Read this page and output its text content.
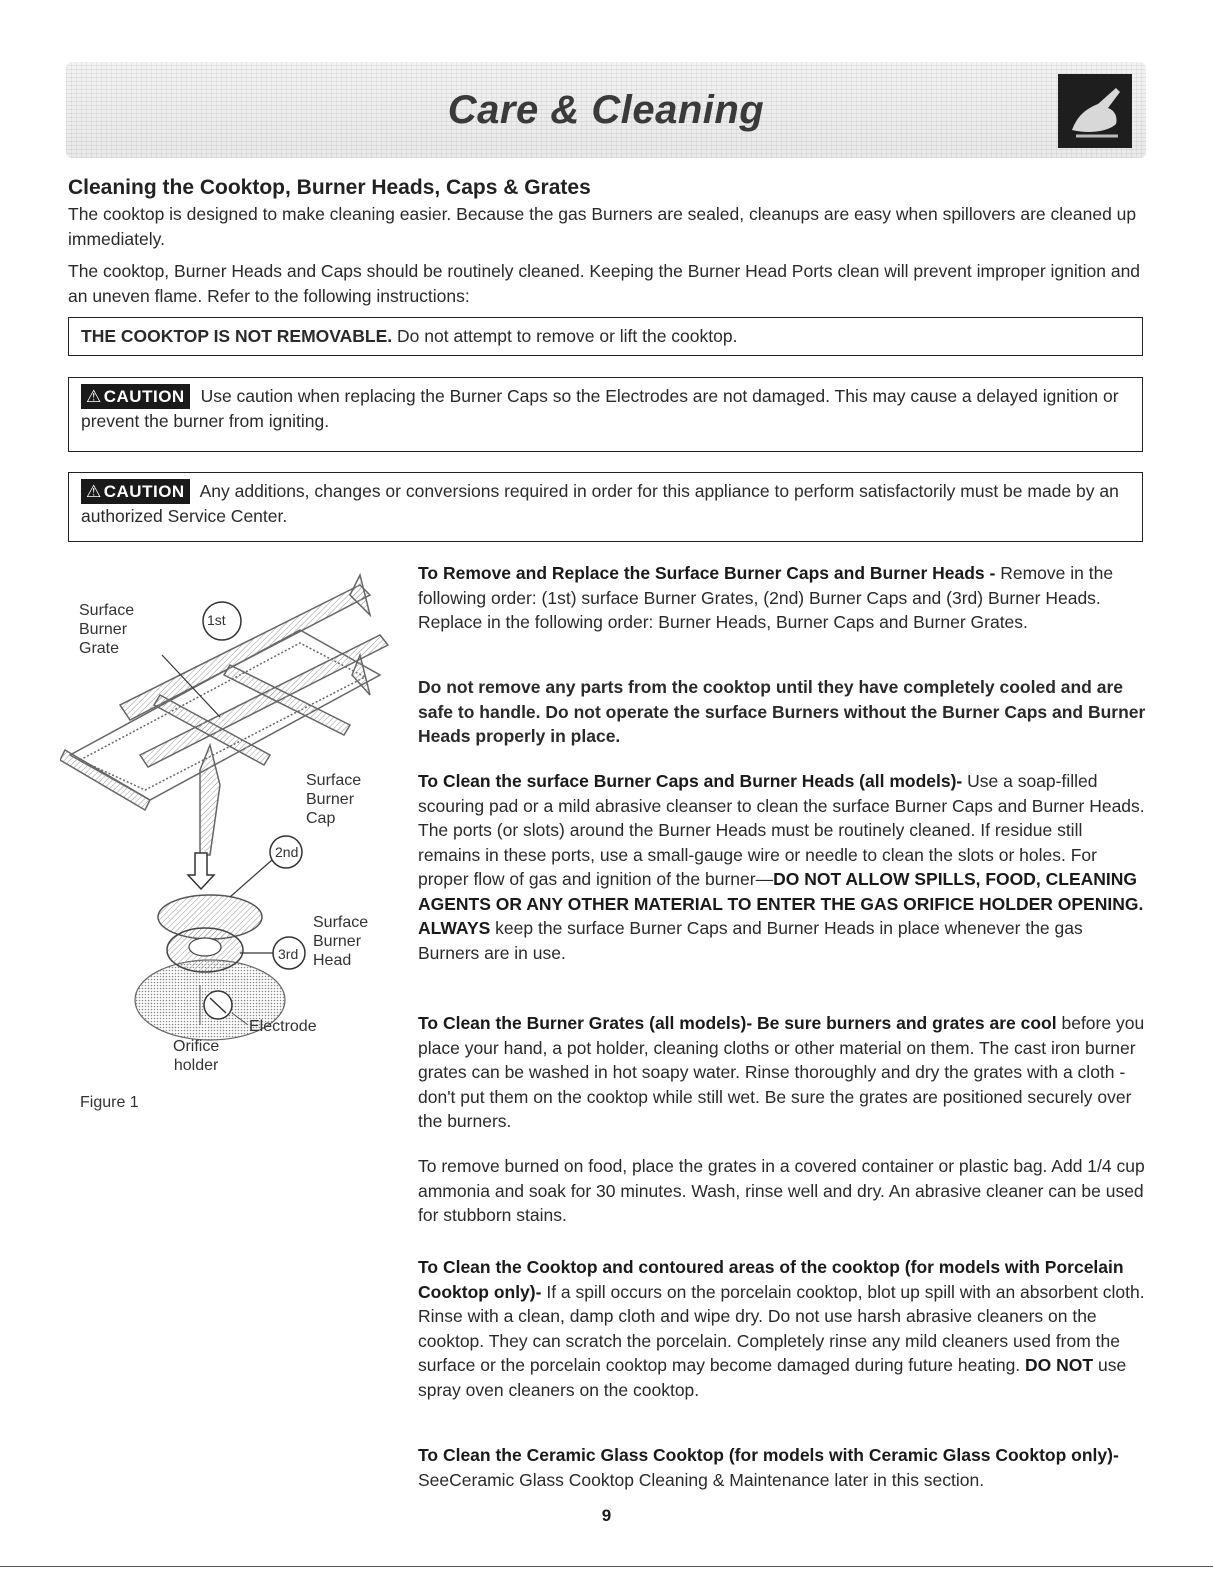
Care & Cleaning
Cleaning the Cooktop, Burner Heads, Caps & Grates
The cooktop is designed to make cleaning easier. Because the gas Burners are sealed, cleanups are easy when spillovers are cleaned up immediately.
The cooktop, Burner Heads and Caps should be routinely cleaned. Keeping the Burner Head Ports clean will prevent improper ignition and an uneven flame. Refer to the following instructions:
THE COOKTOP IS NOT REMOVABLE. Do not attempt to remove or lift the cooktop.
⚠ CAUTION Use caution when replacing the Burner Caps so the Electrodes are not damaged. This may cause a delayed ignition or prevent the burner from igniting.
⚠ CAUTION Any additions, changes or conversions required in order for this appliance to perform satisfactorily must be made by an authorized Service Center.
Surface
Burner
Grate
1st
Surface
Burner
Cap
2nd
Surface
Burner
Head
3rd
Electrode
Orifice
holder
Figure 1
To Remove and Replace the Surface Burner Caps and Burner Heads - Remove in the following order: (1st) surface Burner Grates, (2nd) Burner Caps and (3rd) Burner Heads. Replace in the following order: Burner Heads, Burner Caps and Burner Grates.
Do not remove any parts from the cooktop until they have completely cooled and are safe to handle. Do not operate the surface Burners without the Burner Caps and Burner Heads properly in place.
To Clean the surface Burner Caps and Burner Heads (all models)- Use a soap-filled scouring pad or a mild abrasive cleanser to clean the surface Burner Caps and Burner Heads. The ports (or slots) around the Burner Heads must be routinely cleaned. If residue still remains in these ports, use a small-gauge wire or needle to clean the slots or holes. For proper flow of gas and ignition of the burner—DO NOT ALLOW SPILLS, FOOD, CLEANING AGENTS OR ANY OTHER MATERIAL TO ENTER THE GAS ORIFICE HOLDER OPENING. ALWAYS keep the surface Burner Caps and Burner Heads in place whenever the gas Burners are in use.
To Clean the Burner Grates (all models)- Be sure burners and grates are cool before you place your hand, a pot holder, cleaning cloths or other material on them. The cast iron burner grates can be washed in hot soapy water. Rinse thoroughly and dry the grates with a cloth - don't put them on the cooktop while still wet. Be sure the grates are positioned securely over the burners.
To remove burned on food, place the grates in a covered container or plastic bag. Add 1/4 cup ammonia and soak for 30 minutes. Wash, rinse well and dry. An abrasive cleaner can be used for stubborn stains.
To Clean the Cooktop and contoured areas of the cooktop (for models with Porcelain Cooktop only)- If a spill occurs on the porcelain cooktop, blot up spill with an absorbent cloth. Rinse with a clean, damp cloth and wipe dry. Do not use harsh abrasive cleaners on the cooktop. They can scratch the porcelain. Completely rinse any mild cleaners used from the surface or the porcelain cooktop may become damaged during future heating. DO NOT use spray oven cleaners on the cooktop.
To Clean the Ceramic Glass Cooktop (for models with Ceramic Glass Cooktop only)- SeeCeramic Glass Cooktop Cleaning & Maintenance later in this section.
9
